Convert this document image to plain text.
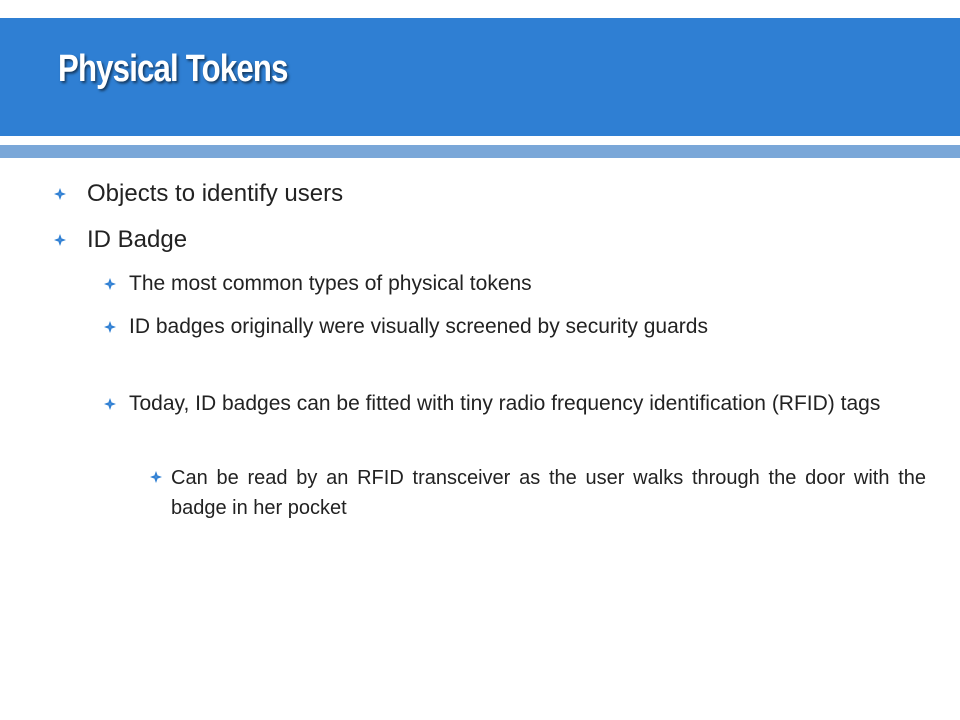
Physical Tokens
Objects to identify users
ID Badge
The most common types of physical tokens
ID badges originally were visually screened by security guards
Today, ID badges can be fitted with tiny radio frequency identification (RFID) tags
Can be read by an RFID transceiver as the user walks through the door with the badge in her pocket
